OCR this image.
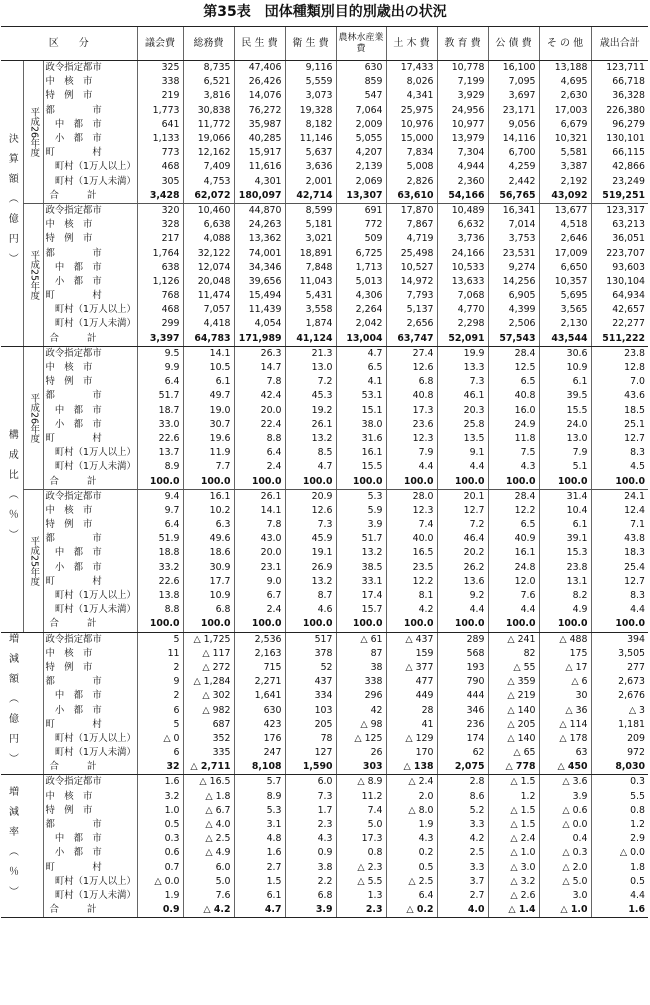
第35表　団体種類別目的別歳出の状況
区　　分			議会費	総務費	民 生 費	衛 生 費	農林水産業　　費	土 木 費	教 育 費	公 債 費	そ の 他	歳出合計
決算額（億円）	平成26年度	政令指定都市	325	8,735	47,406	9,116	630	17,433	10,778	16,100	13,188	123,711
		中　核　市	338	6,521	26,426	5,559	859	8,026	7,199	7,095	4,695	66,718
		特　例　市	219	3,816	14,076	3,073	547	4,341	3,929	3,697	2,630	36,328
		都　　　　市	1,773	30,838	76,272	19,328	7,064	25,975	24,956	23,171	17,003	226,380
		　中　都　市	641	11,772	35,987	8,182	2,009	10,976	10,977	9,056	6,679	96,279
		　小　都　市	1,133	19,066	40,285	11,146	5,055	15,000	13,979	14,116	10,321	130,101
		町　　　　村	773	12,162	15,917	5,637	4,207	7,834	7,304	6,700	5,581	66,115
		　町村（1万人以上）	468	7,409	11,616	3,636	2,139	5,008	4,944	4,259	3,387	42,866
		　町村（1万人未満）	305	4,753	4,301	2,001	2,069	2,826	2,360	2,442	2,192	23,249
		合　　　計	3,428	62,072	180,097	42,714	13,307	63,610	54,166	56,765	43,092	519,251
	平成25年度	政令指定都市	320	10,460	44,870	8,599	691	17,870	10,489	16,341	13,677	123,317
		中　核　市	328	6,638	24,263	5,181	772	7,867	6,632	7,014	4,518	63,213
		特　例　市	217	4,088	13,362	3,021	509	4,719	3,736	3,753	2,646	36,051
		都　　　　市	1,764	32,122	74,001	18,891	6,725	25,498	24,166	23,531	17,009	223,707
		　中　都　市	638	12,074	34,346	7,848	1,713	10,527	10,533	9,274	6,650	93,603
		　小　都　市	1,126	20,048	39,656	11,043	5,013	14,972	13,633	14,256	10,357	130,104
		町　　　　村	768	11,474	15,494	5,431	4,306	7,793	7,068	6,905	5,695	64,934
		　町村（1万人以上）	468	7,057	11,439	3,558	2,264	5,137	4,770	4,399	3,565	42,657
		　町村（1万人未満）	299	4,418	4,054	1,874	2,042	2,656	2,298	2,506	2,130	22,277
		合　　　計	3,397	64,783	171,989	41,124	13,004	63,747	52,091	57,543	43,544	511,222
構成比（％）	平成26年度	政令指定都市	9.5	14.1	26.3	21.3	4.7	27.4	19.9	28.4	30.6	23.8
		中　核　市	9.9	10.5	14.7	13.0	6.5	12.6	13.3	12.5	10.9	12.8
		特　例　市	6.4	6.1	7.8	7.2	4.1	6.8	7.3	6.5	6.1	7.0
		都　　　　市	51.7	49.7	42.4	45.3	53.1	40.8	46.1	40.8	39.5	43.6
		　中　都　市	18.7	19.0	20.0	19.2	15.1	17.3	20.3	16.0	15.5	18.5
		　小　都　市	33.0	30.7	22.4	26.1	38.0	23.6	25.8	24.9	24.0	25.1
		町　　　　村	22.6	19.6	8.8	13.2	31.6	12.3	13.5	11.8	13.0	12.7
		　町村（1万人以上）	13.7	11.9	6.4	8.5	16.1	7.9	9.1	7.5	7.9	8.3
		　町村（1万人未満）	8.9	7.7	2.4	4.7	15.5	4.4	4.4	4.3	5.1	4.5
		合　　　計	100.0	100.0	100.0	100.0	100.0	100.0	100.0	100.0	100.0	100.0
	平成25年度	政令指定都市	9.4	16.1	26.1	20.9	5.3	28.0	20.1	28.4	31.4	24.1
		中　核　市	9.7	10.2	14.1	12.6	5.9	12.3	12.7	12.2	10.4	12.4
		特　例　市	6.4	6.3	7.8	7.3	3.9	7.4	7.2	6.5	6.1	7.1
		都　　　　市	51.9	49.6	43.0	45.9	51.7	40.0	46.4	40.9	39.1	43.8
		　中　都　市	18.8	18.6	20.0	19.1	13.2	16.5	20.2	16.1	15.3	18.3
		　小　都　市	33.2	30.9	23.1	26.9	38.5	23.5	26.2	24.8	23.8	25.4
		町　　　　村	22.6	17.7	9.0	13.2	33.1	12.2	13.6	12.0	13.1	12.7
		　町村（1万人以上）	13.8	10.9	6.7	8.7	17.4	8.1	9.2	7.6	8.2	8.3
		　町村（1万人未満）	8.8	6.8	2.4	4.6	15.7	4.2	4.4	4.4	4.9	4.4
		合　　　計	100.0	100.0	100.0	100.0	100.0	100.0	100.0	100.0	100.0	100.0
増減額（億円）		政令指定都市	5	△ 1,725	2,536	517	△ 61	△ 437	289	△ 241	△ 488	394
		中　核　市	11	△ 117	2,163	378	87	159	568	82	175	3,505
		特　例　市	2	△ 272	715	52	38	△ 377	193	△ 55	△ 17	277
		都　　　　市	9	△ 1,284	2,271	437	338	477	790	△ 359	△ 6	2,673
		　中　都　市	2	△ 302	1,641	334	296	449	444	△ 219	30	2,676
		　小　都　市	6	△ 982	630	103	42	28	346	△ 140	△ 36	△ 3
		町　　　　村	5	687	423	205	△ 98	41	236	△ 205	△ 114	1,181
		　町村（1万人以上）	△ 0	352	176	78	△ 125	△ 129	174	△ 140	△ 178	209
		　町村（1万人未満）	6	335	247	127	26	170	62	△ 65	63	972
		合　　　計	32	△ 2,711	8,108	1,590	303	△ 138	2,075	△ 778	△ 450	8,030
増減率（％）		政令指定都市	1.6	△ 16.5	5.7	6.0	△ 8.9	△ 2.4	2.8	△ 1.5	△ 3.6	0.3
		中　核　市	3.2	△ 1.8	8.9	7.3	11.2	2.0	8.6	1.2	3.9	5.5
		特　例　市	1.0	△ 6.7	5.3	1.7	7.4	△ 8.0	5.2	△ 1.5	△ 0.6	0.8
		都　　　　市	0.5	△ 4.0	3.1	2.3	5.0	1.9	3.3	△ 1.5	△ 0.0	1.2
		　中　都　市	0.3	△ 2.5	4.8	4.3	17.3	4.3	4.2	△ 2.4	0.4	2.9
		　小　都　市	0.6	△ 4.9	1.6	0.9	0.8	0.2	2.5	△ 1.0	△ 0.3	△ 0.0
		町　　　　村	0.7	6.0	2.7	3.8	△ 2.3	0.5	3.3	△ 3.0	△ 2.0	1.8
		　町村（1万人以上）	△ 0.0	5.0	1.5	2.2	△ 5.5	△ 2.5	3.7	△ 3.2	△ 5.0	0.5
		　町村（1万人未満）	1.9	7.6	6.1	6.8	1.3	6.4	2.7	△ 2.6	3.0	4.4
		合　　　計	0.9	△ 4.2	4.7	3.9	2.3	△ 0.2	4.0	△ 1.4	△ 1.0	1.6
